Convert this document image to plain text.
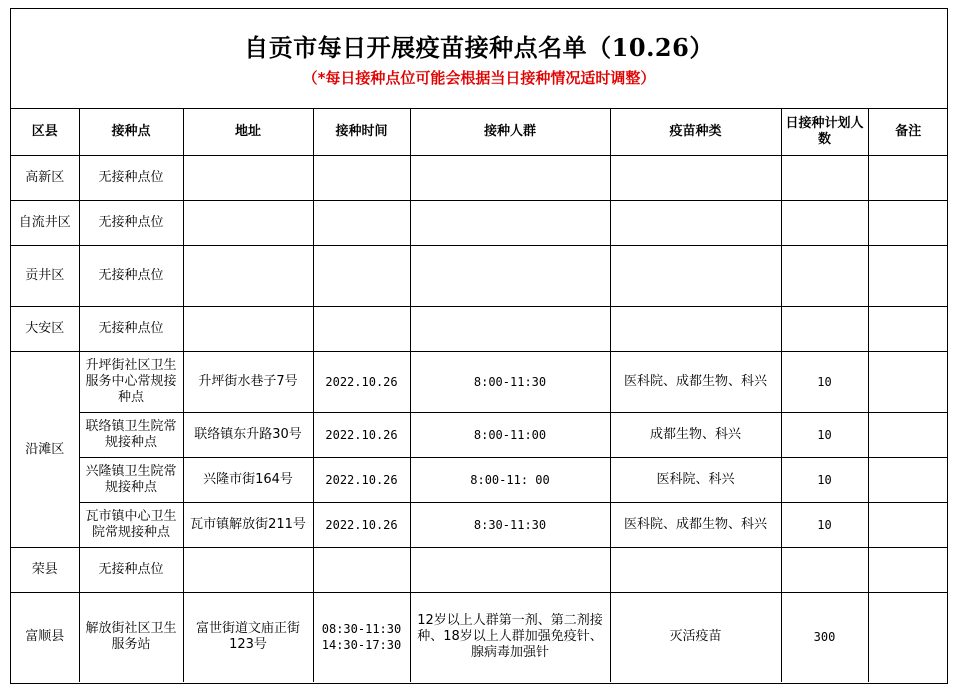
自贡市每日开展疫苗接种点名单（10.26）
（*每日接种点位可能会根据当日接种情况适时调整）
区县	接种点	地址	接种时间	接种人群	疫苗种类	日接种计划人数	备注
高新区	无接种点位						
自流井区	无接种点位						
贡井区	无接种点位						
大安区	无接种点位						
沿滩区	升坪街社区卫生服务中心常规接种点	升坪街水巷子7号	2022.10.26	8:00-11:30	医科院、成都生物、科兴	10	
	联络镇卫生院常规接种点	联络镇东升路30号	2022.10.26	8:00-11:00	成都生物、科兴	10	
	兴隆镇卫生院常规接种点	兴隆市街164号	2022.10.26	8:00-11: 00	医科院、科兴	10	
	瓦市镇中心卫生院常规接种点	瓦市镇解放街211号	2022.10.26	8:30-11:30	医科院、成都生物、科兴	10	
荣县	无接种点位						
富顺县	解放街社区卫生服务站	富世街道文庙正街123号	08:30-11:30
14:30-17:30	12岁以上人群第一剂、第二剂接种、18岁以上人群加强免疫针、腺病毒加强针	灭活疫苗	300	
